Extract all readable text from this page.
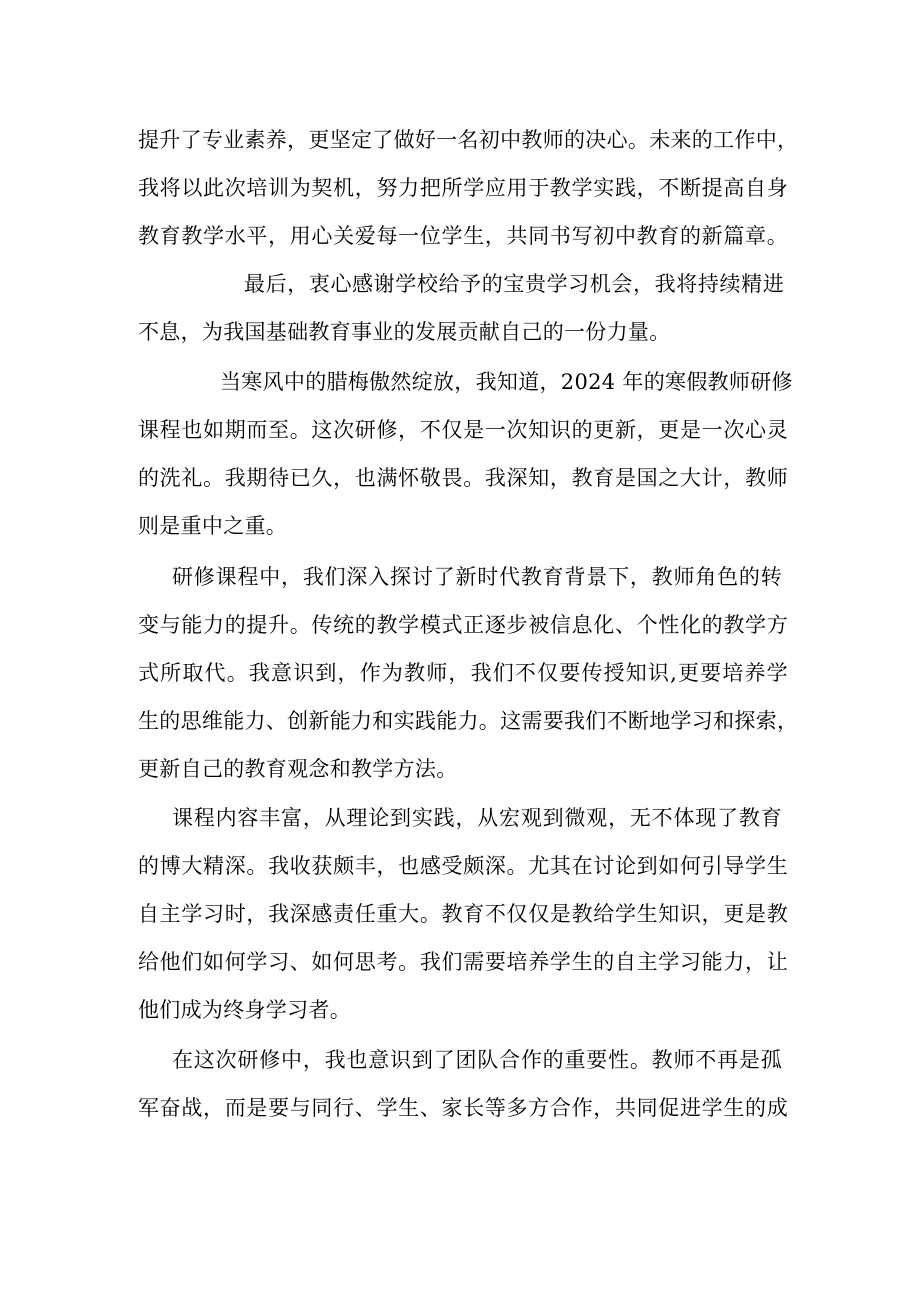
提升了专业素养，更坚定了做好一名初中教师的决心。未来的工作中，
我将以此次培训为契机，努力把所学应用于教学实践，不断提高自身
教育教学水平，用心关爱每一位学生，共同书写初中教育的新篇章。
最后，衷心感谢学校给予的宝贵学习机会，我将持续精进
不息，为我国基础教育事业的发展贡献自己的一份力量。
当寒风中的腊梅傲然绽放，我知道，2024 年的寒假教师研修
课程也如期而至。这次研修，不仅是一次知识的更新，更是一次心灵
的洗礼。我期待已久，也满怀敬畏。我深知，教育是国之大计，教师
则是重中之重。
研修课程中，我们深入探讨了新时代教育背景下，教师角色的转
变与能力的提升。传统的教学模式正逐步被信息化、个性化的教学方
式所取代。我意识到，作为教师，我们不仅要传授知识,更要培养学
生的思维能力、创新能力和实践能力。这需要我们不断地学习和探索，
更新自己的教育观念和教学方法。
课程内容丰富，从理论到实践，从宏观到微观，无不体现了教育
的博大精深。我收获颇丰，也感受颇深。尤其在讨论到如何引导学生
自主学习时，我深感责任重大。教育不仅仅是教给学生知识，更是教
给他们如何学习、如何思考。我们需要培养学生的自主学习能力，让
他们成为终身学习者。
在这次研修中，我也意识到了团队合作的重要性。教师不再是孤
军奋战，而是要与同行、学生、家长等多方合作，共同促进学生的成
